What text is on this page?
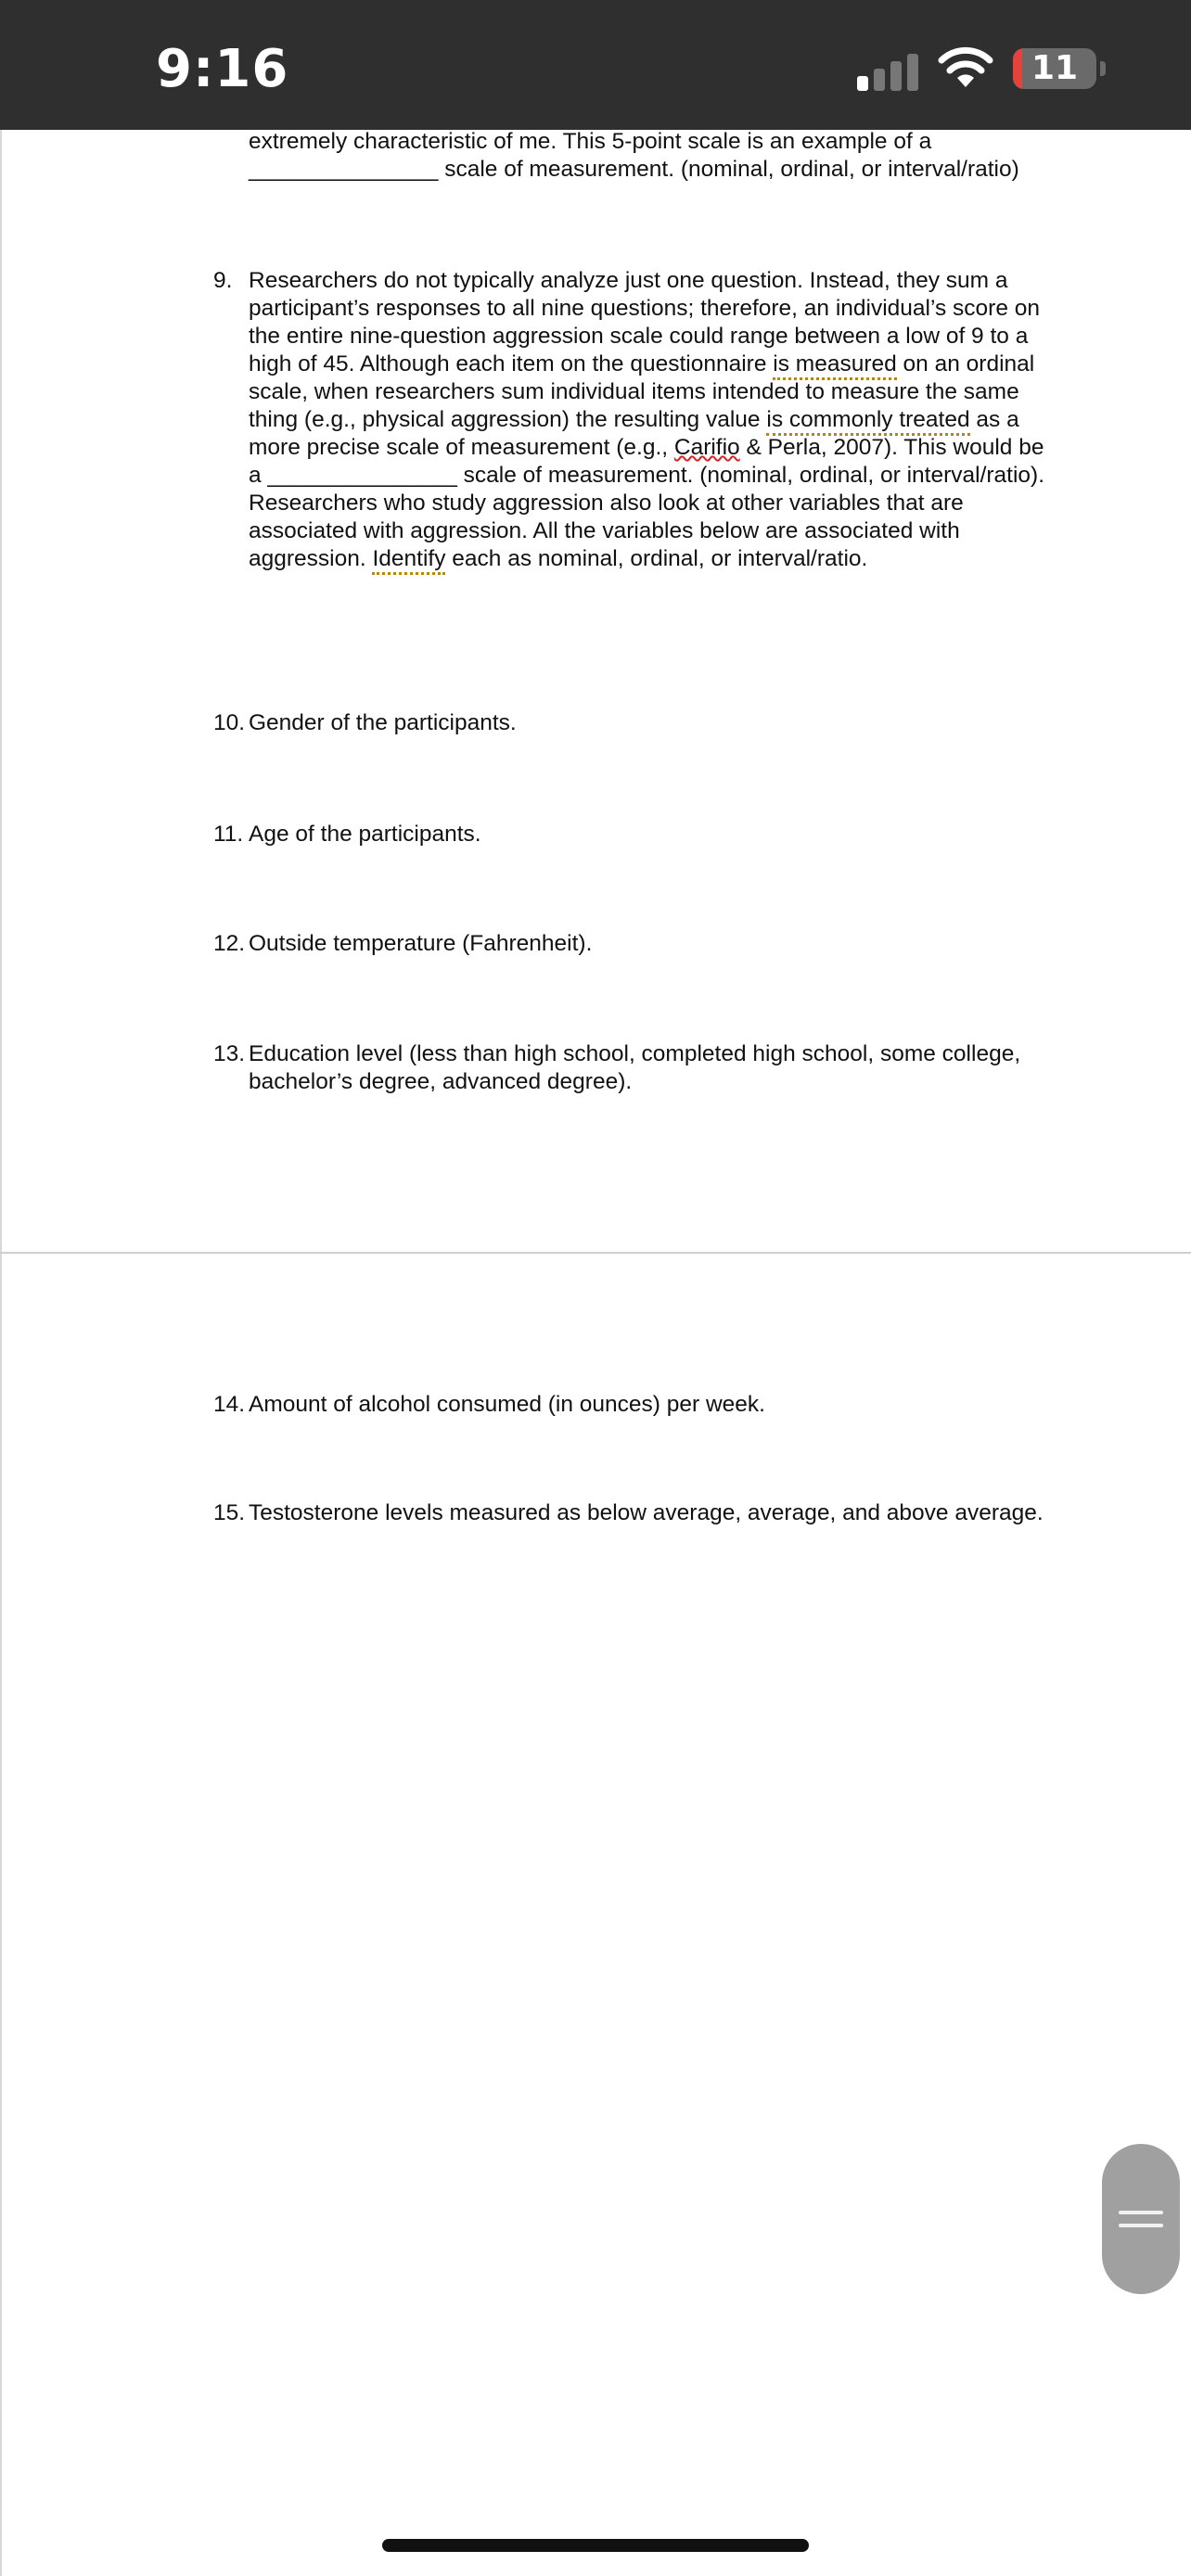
9:16	11
extremely characteristic of me. This 5-point scale is an example of a
_______________ scale of measurement. (nominal, ordinal, or interval/ratio)
9. Researchers do not typically analyze just one question. Instead, they sum a
participant’s responses to all nine questions; therefore, an individual’s score on
the entire nine-question aggression scale could range between a low of 9 to a
high of 45. Although each item on the questionnaire is measured on an ordinal
scale, when researchers sum individual items intended to measure the same
thing (e.g., physical aggression) the resulting value is commonly treated as a
more precise scale of measurement (e.g., Carifio & Perla, 2007). This would be
a _______________ scale of measurement. (nominal, ordinal, or interval/ratio).
Researchers who study aggression also look at other variables that are
associated with aggression. All the variables below are associated with
aggression. Identify each as nominal, ordinal, or interval/ratio.
10. Gender of the participants.
11. Age of the participants.
12. Outside temperature (Fahrenheit).
13. Education level (less than high school, completed high school, some college,
bachelor’s degree, advanced degree).
14. Amount of alcohol consumed (in ounces) per week.
15. Testosterone levels measured as below average, average, and above average.
